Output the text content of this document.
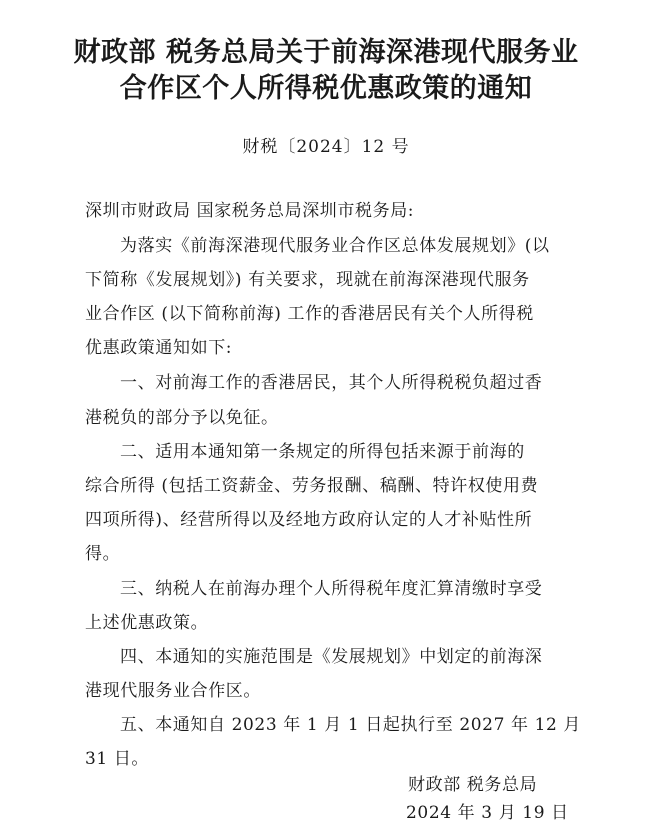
财政部 税务总局关于前海深港现代服务业
合作区个人所得税优惠政策的通知
财税〔2024〕12 号
深圳市财政局 国家税务总局深圳市税务局:
为落实《前海深港现代服务业合作区总体发展规划》(以
下简称《发展规划》) 有关要求，现就在前海深港现代服务
业合作区 (以下简称前海) 工作的香港居民有关个人所得税
优惠政策通知如下:
一、对前海工作的香港居民，其个人所得税税负超过香
港税负的部分予以免征。
二、适用本通知第一条规定的所得包括来源于前海的
综合所得 (包括工资薪金、劳务报酬、稿酬、特许权使用费
四项所得)、经营所得以及经地方政府认定的人才补贴性所
得。
三、纳税人在前海办理个人所得税年度汇算清缴时享受
上述优惠政策。
四、本通知的实施范围是《发展规划》中划定的前海深
港现代服务业合作区。
五、本通知自 2023 年 1 月 1 日起执行至 2027 年 12 月
31 日。
财政部 税务总局
2024 年 3 月 19 日
